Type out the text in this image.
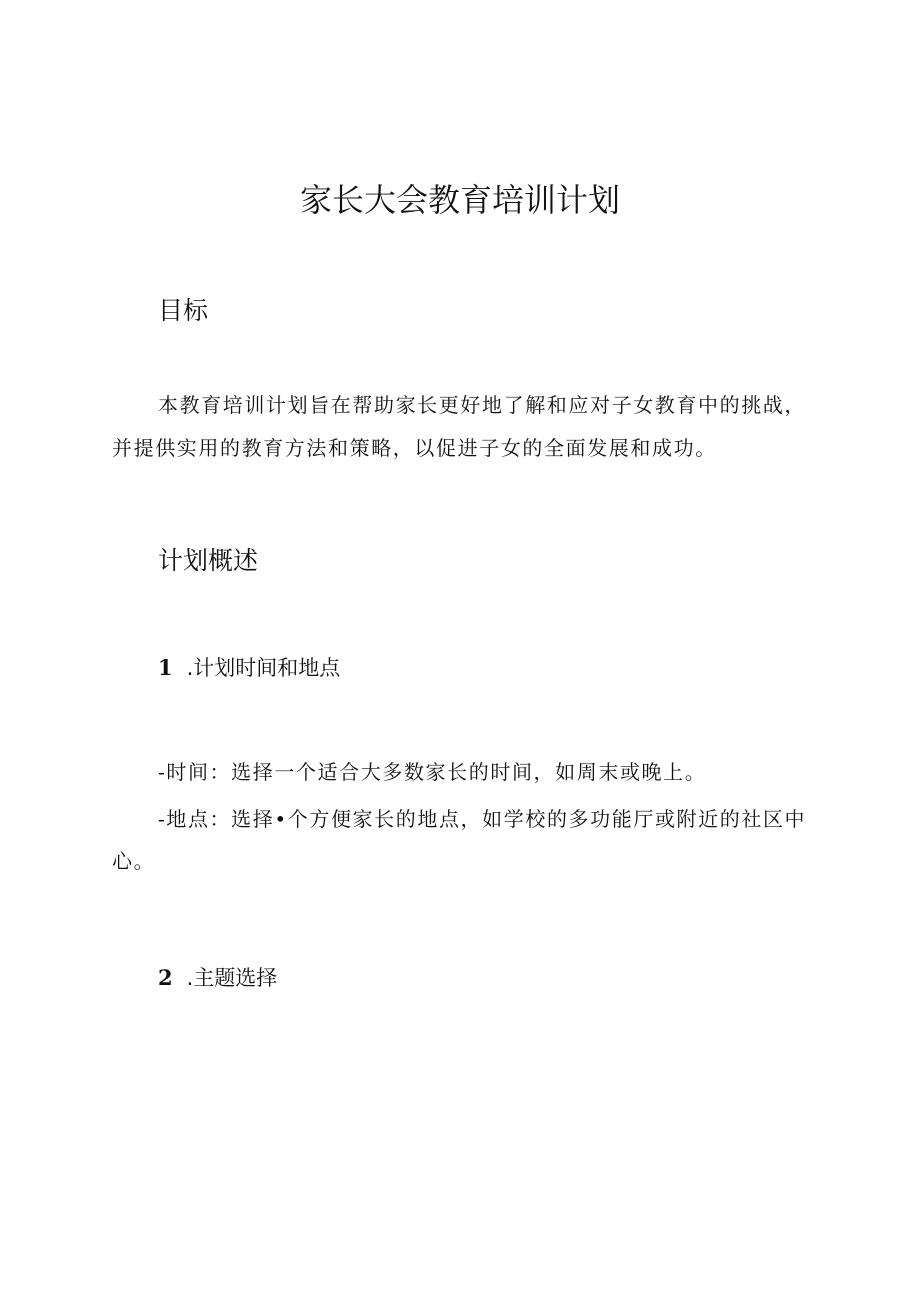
家长大会教育培训计划
目标

本教育培训计划旨在帮助家长更好地了解和应对子女教育中的挑战，并提供实用的教育方法和策略，以促进子女的全面发展和成功。

计划概述
1 .计划时间和地点

-时间：选择一个适合大多数家长的时间，如周末或晚上。

-地点：选择•个方便家长的地点，如学校的多功能厅或附近的社区中心。

2 .主题选择
